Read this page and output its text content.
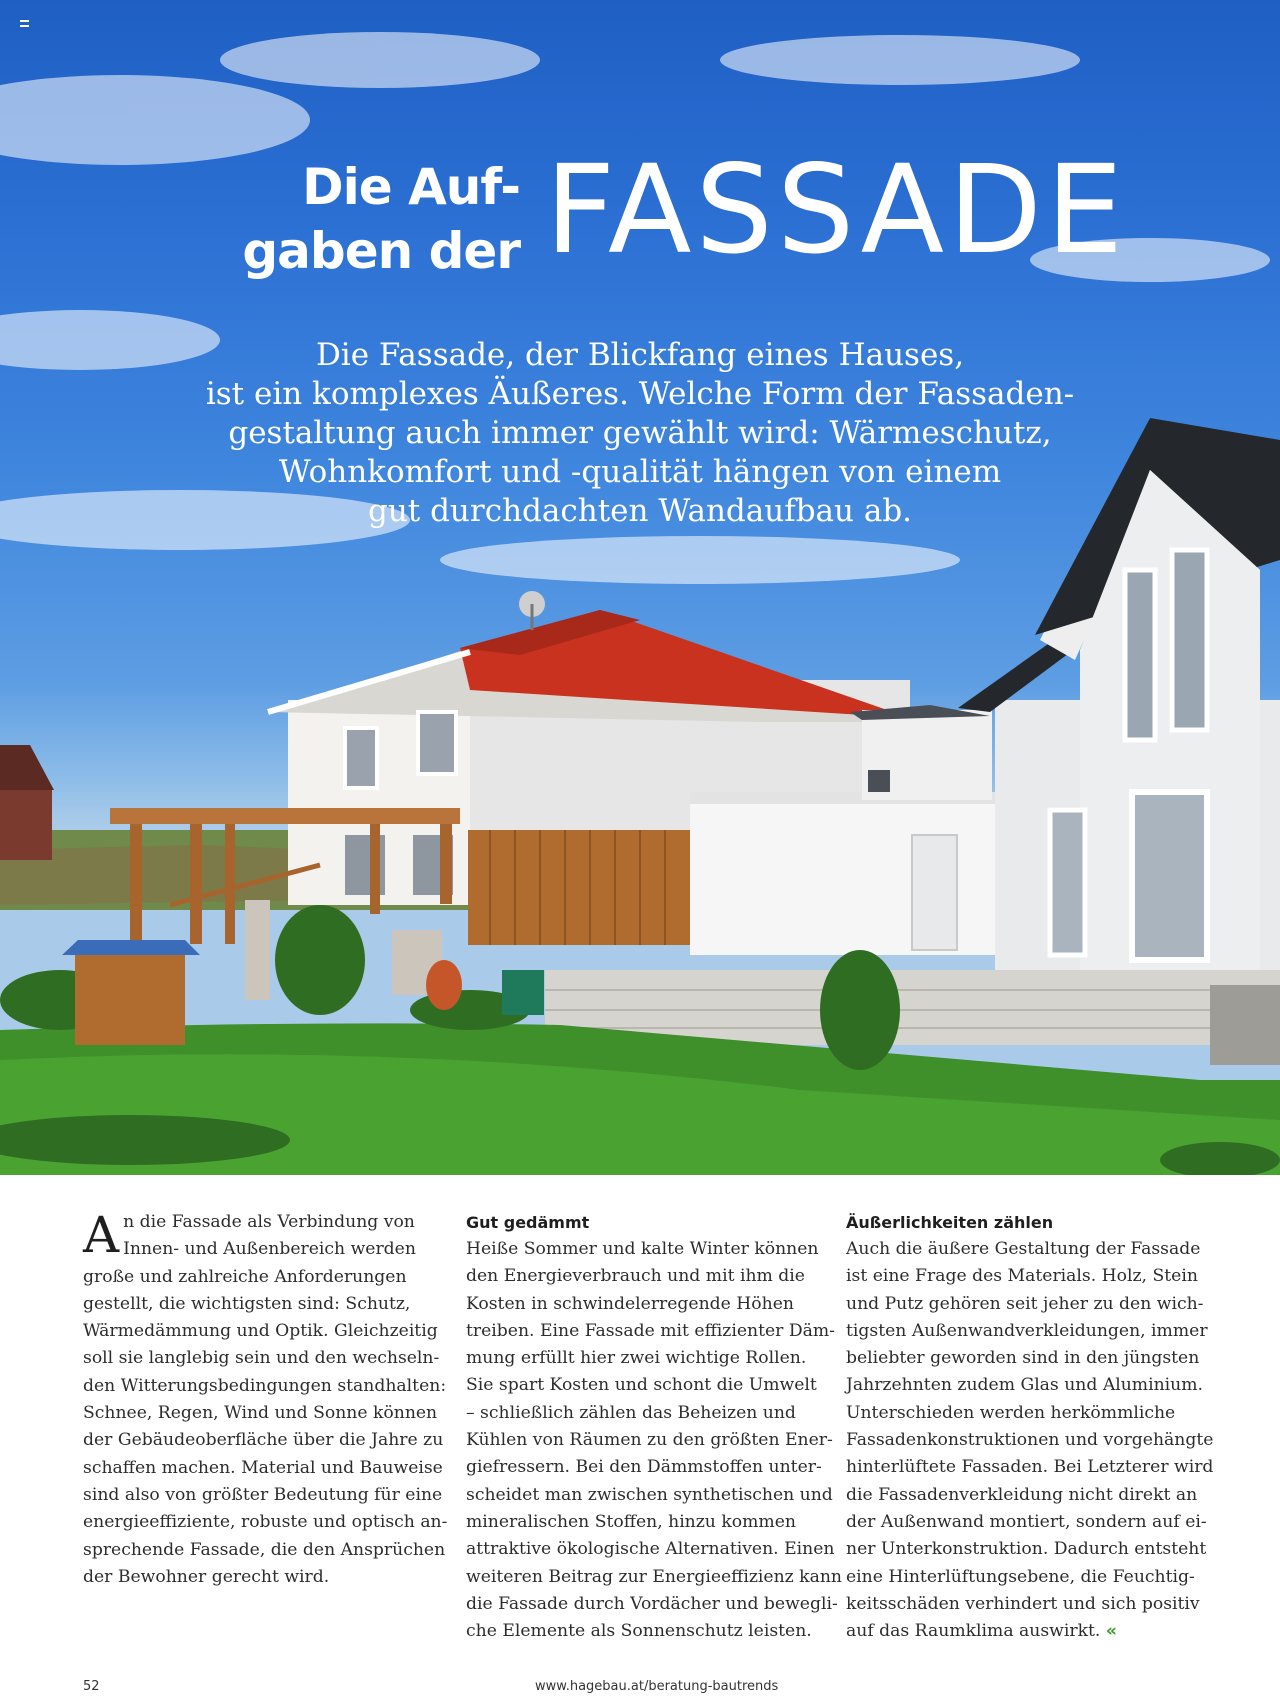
Die Auf-
gaben der FASSADE
Die Fassade, der Blickfang eines Hauses,
ist ein komplexes Äußeres. Welche Form der Fassaden-
gestaltung auch immer gewählt wird: Wärmeschutz,
Wohnkomfort und -qualität hängen von einem
gut durchdachten Wandaufbau ab.

A n die Fassade als Verbindung von
Innen- und Außenbereich werden
große und zahlreiche Anforderungen
gestellt, die wichtigsten sind: Schutz,
Wärmedämmung und Optik. Gleichzeitig
soll sie langlebig sein und den wechseln-
den Witterungsbedingungen standhalten:
Schnee, Regen, Wind und Sonne können
der Gebäudeoberfläche über die Jahre zu
schaffen machen. Material und Bauweise
sind also von größter Bedeutung für eine
energieeffiziente, robuste und optisch an-
sprechende Fassade, die den Ansprüchen
der Bewohner gerecht wird.

Gut gedämmt

Heiße Sommer und kalte Winter können
den Energieverbrauch und mit ihm die
Kosten in schwindelerregende Höhen
treiben. Eine Fassade mit effizienter Däm-
mung erfüllt hier zwei wichtige Rollen.
Sie spart Kosten und schont die Umwelt
– schließlich zählen das Beheizen und
Kühlen von Räumen zu den größten Ener-
giefressern. Bei den Dämmstoffen unter-
scheidet man zwischen synthetischen und
mineralischen Stoffen, hinzu kommen
attraktive ökologische Alternativen. Einen
weiteren Beitrag zur Energieeffizienz kann
die Fassade durch Vordächer und bewegli-
che Elemente als Sonnenschutz leisten.

Äußerlichkeiten zählen

Auch die äußere Gestaltung der Fassade
ist eine Frage des Materials. Holz, Stein
und Putz gehören seit jeher zu den wich-
tigsten Außenwandverkleidungen, immer
beliebter geworden sind in den jüngsten
Jahrzehnten zudem Glas und Aluminium.
Unterschieden werden herkömmliche
Fassadenkonstruktionen und vorgehängte
hinterlüftete Fassaden. Bei Letzterer wird
die Fassadenverkleidung nicht direkt an
der Außenwand montiert, sondern auf ei-
ner Unterkonstruktion. Dadurch entsteht
eine Hinterlüftungsebene, die Feuchtig-
keitsschäden verhindert und sich positiv
auf das Raumklima auswirkt. «

52	www.hagebau.at/beratung-bautrends
